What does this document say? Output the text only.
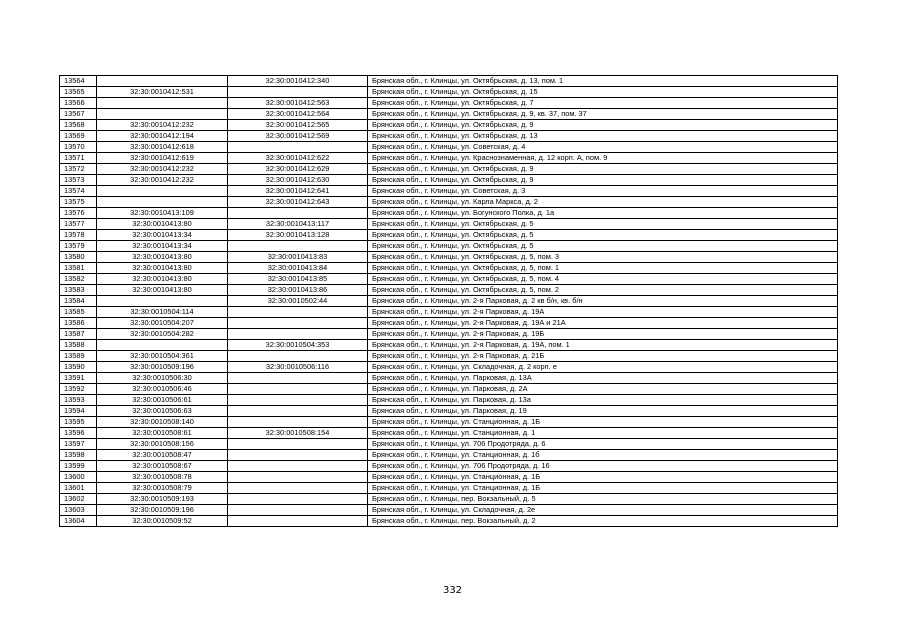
13564		32:30:0010412:340	Брянская обл., г. Клинцы, ул. Октябрьская, д. 13, пом. 1
13565	32:30:0010412:531		Брянская обл., г. Клинцы, ул. Октябрьская, д. 15
13566		32:30:0010412:563	Брянская обл., г. Клинцы, ул. Октябрьская, д. 7
13567		32:30:0010412:564	Брянская обл., г. Клинцы, ул. Октябрьская, д. 9, кв. 37, пом. 37
13568	32:30:0010412:232	32:30:0010412:565	Брянская обл., г. Клинцы, ул. Октябрьская, д. 9
13569	32:30:0010412:194	32:30:0010412:569	Брянская обл., г. Клинцы, ул. Октябрьская, д. 13
13570	32:30:0010412:618		Брянская обл., г. Клинцы, ул. Советская, д. 4
13571	32:30:0010412:619	32:30:0010412:622	Брянская обл., г. Клинцы, ул. Краснознаменная, д. 12 корп. А, пом. 9
13572	32:30:0010412:232	32:30:0010412:629	Брянская обл., г. Клинцы, ул. Октябрьская, д. 9
13573	32:30:0010412:232	32:30:0010412:630	Брянская обл., г. Клинцы, ул. Октябрьская, д. 9
13574		32:30:0010412:641	Брянская обл., г. Клинцы, ул. Советская, д. 3
13575		32:30:0010412:643	Брянская обл., г. Клинцы, ул. Карла Маркса, д. 2
13576	32:30:0010413:109		Брянская обл., г. Клинцы, ул. Богунского Полка, д. 1а
13577	32:30:0010413:80	32:30:0010413:117	Брянская обл., г. Клинцы, ул. Октябрьская, д. 5
13578	32:30:0010413:34	32:30:0010413:128	Брянская обл., г. Клинцы, ул. Октябрьская, д. 5
13579	32:30:0010413:34		Брянская обл., г. Клинцы, ул. Октябрьская, д. 5
13580	32:30:0010413:80	32:30:0010413:83	Брянская обл., г. Клинцы, ул. Октябрьская, д. 5, пом. 3
13581	32:30:0010413:80	32:30:0010413:84	Брянская обл., г. Клинцы, ул. Октябрьская, д. 5, пом. 1
13582	32:30:0010413:80	32:30:0010413:85	Брянская обл., г. Клинцы, ул. Октябрьская, д. 5, пом. 4
13583	32:30:0010413:80	32:30:0010413:86	Брянская обл., г. Клинцы, ул. Октябрьская, д. 5, пом. 2
13584		32:30:0010502:44	Брянская обл., г. Клинцы, ул. 2-я Парковая, д. 2 кв б/н, кв. б/н
13585	32:30:0010504:114		Брянская обл., г. Клинцы, ул. 2-я Парковая, д. 19А
13586	32:30:0010504:207		Брянская обл., г. Клинцы, ул. 2-я Парковая, д. 19А и 21А
13587	32:30:0010504:282		Брянская обл., г. Клинцы, ул. 2-я Парковая, д. 19Б
13588		32:30:0010504:353	Брянская обл., г. Клинцы, ул. 2-я Парковая, д. 19А, пом. 1
13589	32:30:0010504:361		Брянская обл., г. Клинцы, ул. 2-я Парковая, д. 21Б
13590	32:30:0010509:196	32:30:0010506:116	Брянская обл., г. Клинцы, ул. Складочная, д. 2 корп. е
13591	32:30:0010506:30		Брянская обл., г. Клинцы, ул. Парковая, д. 13А
13592	32:30:0010506:46		Брянская обл., г. Клинцы, ул. Парковая, д. 2А
13593	32:30:0010506:61		Брянская обл., г. Клинцы, ул. Парковая, д. 13а
13594	32:30:0010506:63		Брянская обл., г. Клинцы, ул. Парковая, д. 19
13595	32:30:0010508:140		Брянская обл., г. Клинцы, ул. Станционная, д. 1Б
13596	32:30:0010508:61	32:30:0010508:154	Брянская обл., г. Клинцы, ул. Станционная, д. 1
13597	32:30:0010508:156		Брянская обл., г. Клинцы, ул. 706 Продотряда, д. 6
13598	32:30:0010508:47		Брянская обл., г. Клинцы, ул. Станционная, д. 1б
13599	32:30:0010508:67		Брянская обл., г. Клинцы, ул. 706 Продотряда, д. 16
13600	32:30:0010508:78		Брянская обл., г. Клинцы, ул. Станционная, д. 1Б
13601	32:30:0010508:79		Брянская обл., г. Клинцы, ул. Станционная, д. 1Б
13602	32:30:0010509:193		Брянская обл., г. Клинцы, пер. Вокзальный, д. 5
13603	32:30:0010509:196		Брянская обл., г. Клинцы, ул. Складочная, д. 2е
13604	32:30:0010509:52		Брянская обл., г. Клинцы, пер. Вокзальный, д. 2
332
